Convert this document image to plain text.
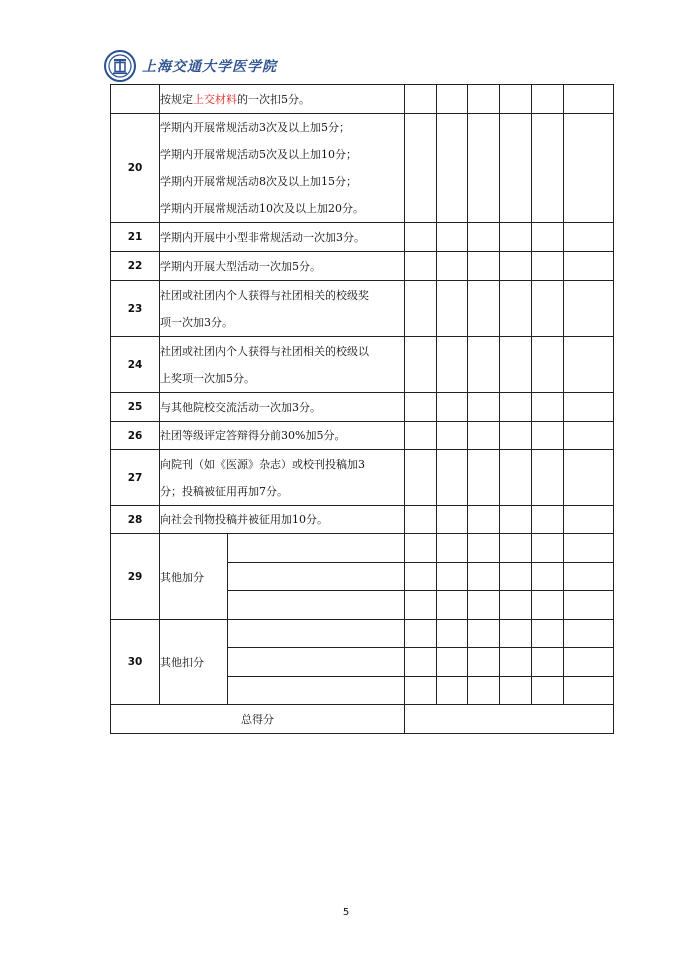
上海交通大学医学院
	按规定上交材料的一次扣5分。							
20	学期内开展常规活动3次及以上加5分；
学期内开展常规活动5次及以上加10分；
学期内开展常规活动8次及以上加15分；
学期内开展常规活动10次及以上加20分。							

21	学期内开展中小型非常规活动一次加3分。							

22	学期内开展大型活动一次加5分。							

23	社团或社团内个人获得与社团相关的校级奖
项一次加3分。							

24	社团或社团内个人获得与社团相关的校级以
上奖项一次加5分。							

25	与其他院校交流活动一次加3分。							

26	社团等级评定答辩得分前30%加5分。							

27	向院刊（如《医源》杂志）或校刊投稿加3
分；投稿被征用再加7分。							

28	向社会刊物投稿并被征用加10分。							

29	其他加分							

30	其他扣分							

总得分								
5
